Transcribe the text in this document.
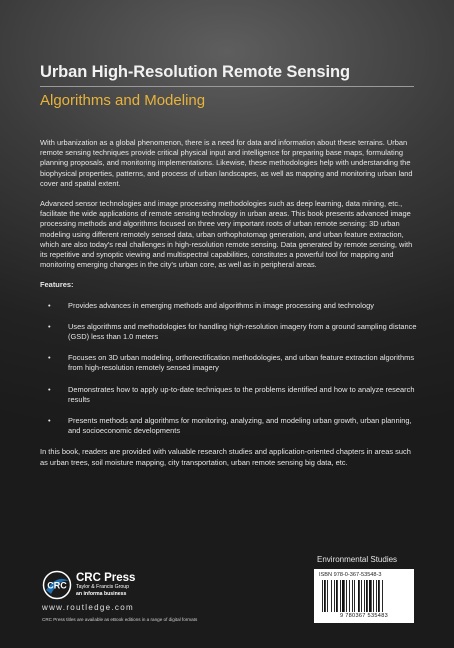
Urban High-Resolution Remote Sensing
Algorithms and Modeling

With urbanization as a global phenomenon, there is a need for data and information about these terrains. Urban remote sensing techniques provide critical physical input and intelligence for preparing base maps, formulating planning proposals, and monitoring implementations. Likewise, these methodologies help with understanding the biophysical properties, patterns, and process of urban landscapes, as well as mapping and monitoring urban land cover and spatial extent.

Advanced sensor technologies and image processing methodologies such as deep learning, data mining, etc., facilitate the wide applications of remote sensing technology in urban areas. This book presents advanced image processing methods and algorithms focused on three very important roots of urban remote sensing: 3D urban modeling using different remotely sensed data, urban orthophotomap generation, and urban feature extraction, which are also today's real challenges in high-resolution remote sensing. Data generated by remote sensing, with its repetitive and synoptic viewing and multispectral capabilities, constitutes a powerful tool for mapping and monitoring emerging changes in the city's urban core, as well as in peripheral areas.

Features:
• Provides advances in emerging methods and algorithms in image processing and technology
• Uses algorithms and methodologies for handling high-resolution imagery from a ground sampling distance (GSD) less than 1.0 meters
• Focuses on 3D urban modeling, orthorectification methodologies, and urban feature extraction algorithms from high-resolution remotely sensed imagery
• Demonstrates how to apply up-to-date techniques to the problems identified and how to analyze research results
• Presents methods and algorithms for monitoring, analyzing, and modeling urban growth, urban planning, and socioeconomic developments

In this book, readers are provided with valuable research studies and application-oriented chapters in areas such as urban trees, soil moisture mapping, city transportation, urban remote sensing big data, etc.

Environmental Studies
ISBN 978-0-367-53548-3
9 780367 535483
CRC
CRC Press
Taylor & Francis Group
an informa business
www.routledge.com
CRC Press titles are available as eBook editions in a range of digital formats
